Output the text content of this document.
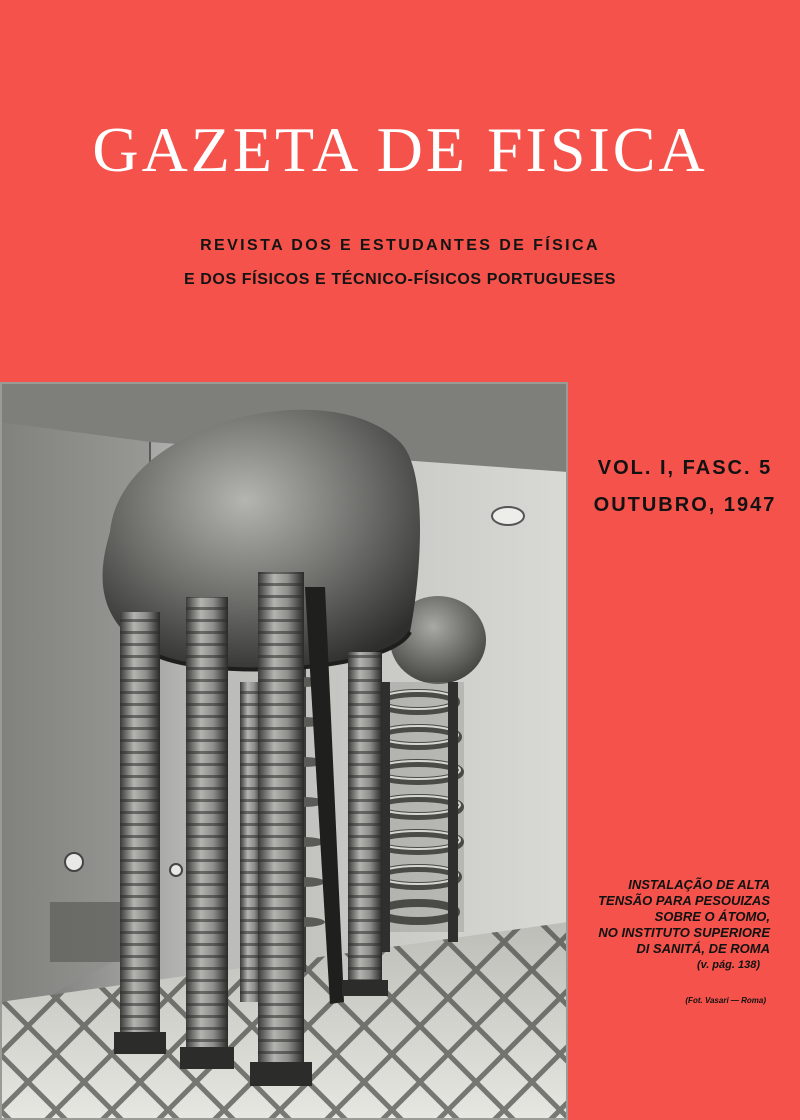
GAZETA DE FISICA
REVISTA DOS E ESTUDANTES DE FÍSICA
E DOS FÍSICOS E TÉCNICO-FÍSICOS PORTUGUESES
VOL. I, FASC. 5
OUTUBRO, 1947
INSTALAÇÃO DE ALTA
TENSÃO PARA PESOUIZAS
SOBRE O ÁTOMO,
NO INSTITUTO SUPERIORE
DI SANITÁ, DE ROMA
(v. pág. 138)
(Fot. Vasari — Roma)
